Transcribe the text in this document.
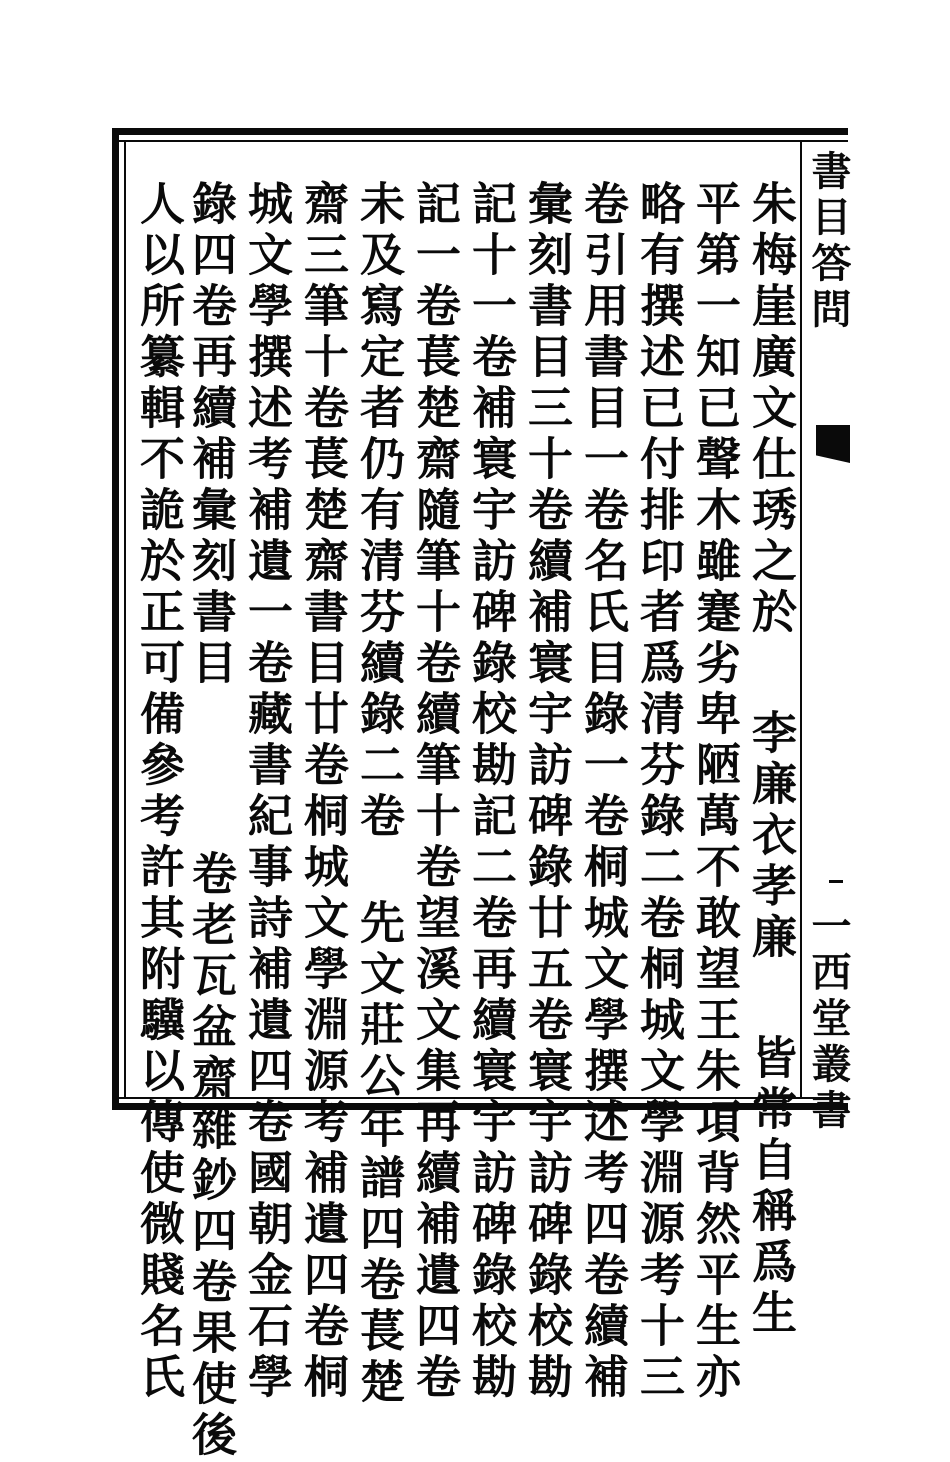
書目答問
一西堂叢書
朱梅崖廣文仕琇之於李廉衣孝廉皆常自稱爲生
平第一知已聲木雖蹇劣卑陋萬不敢望王朱項背然平生亦
略有撰述已付排印者爲清芬錄二卷桐城文學淵源考十三
卷引用書目一卷名氏目錄一卷桐城文學撰述考四卷續補
彙刻書目三十卷續補寰宇訪碑錄廿五卷寰宇訪碑錄校勘
記十一卷補寰宇訪碑錄校勘記二卷再續寰宇訪碑錄校勘
記一卷萇楚齋隨筆十卷續筆十卷望溪文集再續補遺四卷
未及寫定者仍有清芬續錄二卷先文莊公年譜四卷萇楚
齋三筆十卷萇楚齋書目廿卷桐城文學淵源考補遺四卷桐
城文學撰述考補遺一卷藏書紀事詩補遺四卷國朝金石學
錄四卷再續補彙刻書目卷老瓦盆齋雜鈔四卷果使後
人以所纂輯不詭於正可備參考許其附驥以傳使微賤名氏
